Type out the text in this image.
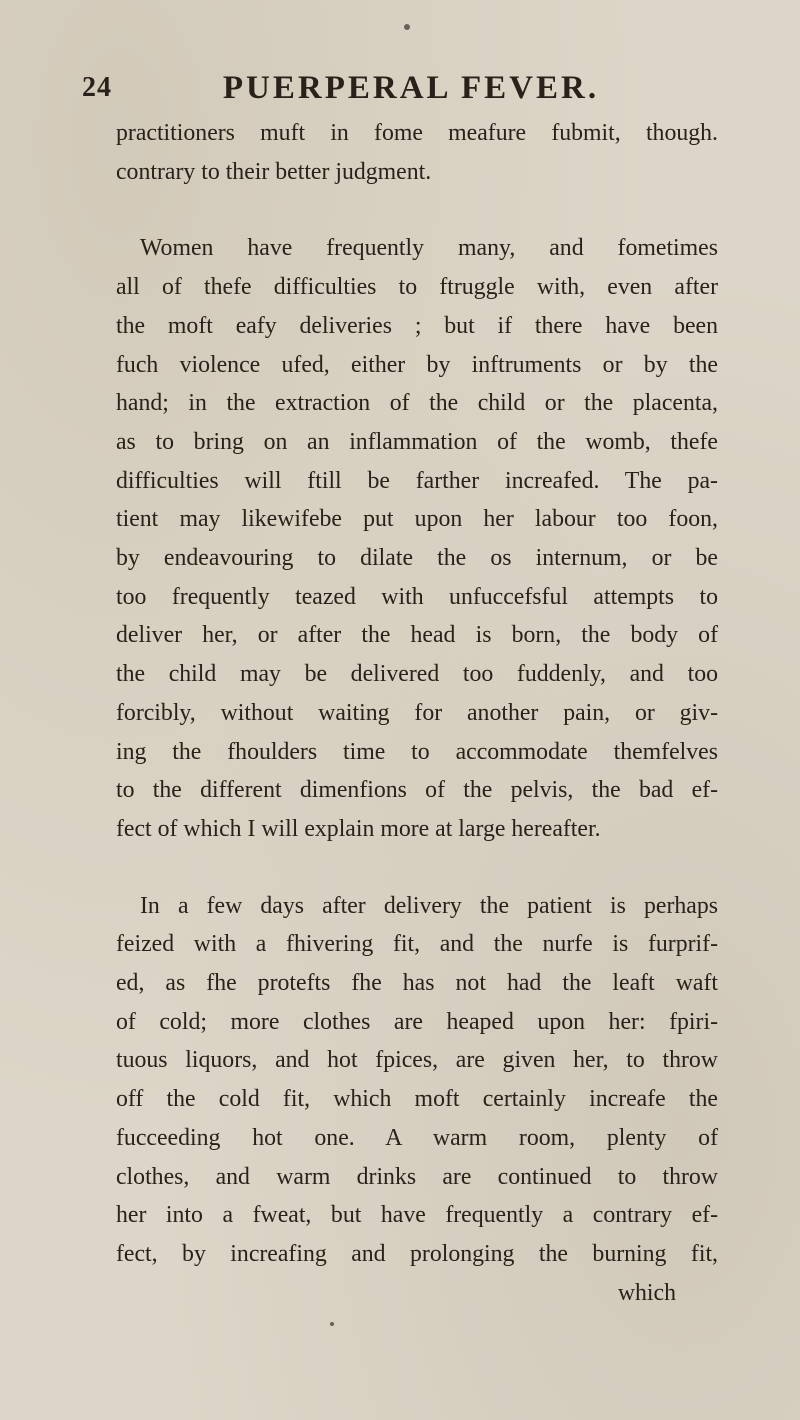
24	PUERPERAL FEVER.
practitioners muft in fome meafure fubmit, though.
contrary to their better judgment.
Women have frequently many, and fometimes
all of thefe difficulties to ftruggle with, even after
the moft eafy deliveries ; but if there have been
fuch violence ufed, either by inftruments or by the
hand; in the extraction of the child or the placenta,
as to bring on an inflammation of the womb, thefe
difficulties will ftill be farther increafed. The pa-
tient may likewifebe put upon her labour too foon,
by endeavouring to dilate the os internum, or be
too frequently teazed with unfuccefsful attempts to
deliver her, or after the head is born, the body of
the child may be delivered too fuddenly, and too
forcibly, without waiting for another pain, or giv-
ing the fhoulders time to accommodate themfelves
to the different dimenfions of the pelvis, the bad ef-
fect of which I will explain more at large hereafter.
In a few days after delivery the patient is perhaps
feized with a fhivering fit, and the nurfe is furprif-
ed, as fhe protefts fhe has not had the leaft waft
of cold; more clothes are heaped upon her: fpiri-
tuous liquors, and hot fpices, are given her, to throw
off the cold fit, which moft certainly increafe the
fucceeding hot one. A warm room, plenty of
clothes, and warm drinks are continued to throw
her into a fweat, but have frequently a contrary ef-
fect, by increafing and prolonging the burning fit,
which
